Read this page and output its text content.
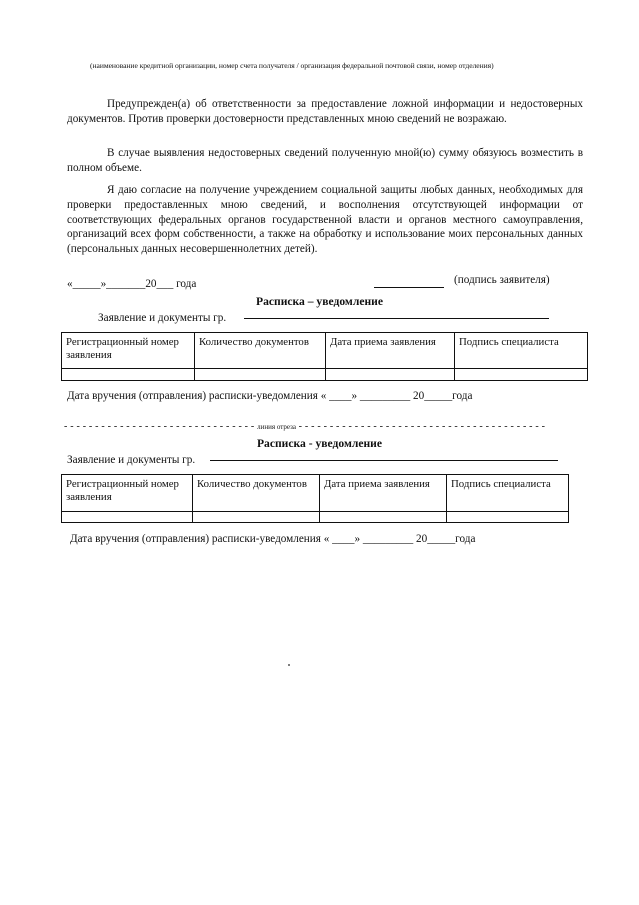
(наименование кредитной организации, номер счета получателя / организация федеральной почтовой связи, номер отделения)

Предупрежден(а) об ответственности за предоставление ложной информации и недостоверных документов. Против проверки достоверности представленных мною сведений не возражаю.

В случае выявления недостоверных сведений полученную мной(ю) сумму обязуюсь возместить в полном объеме.

Я даю согласие на получение учреждением социальной защиты любых данных, необходимых для проверки предоставленных мною сведений, и восполнения отсутствующей информации от соответствующих федеральных органов государственной власти и органов местного самоуправления, организаций всех форм собственности, а также на обработку и использование моих персональных данных (персональных данных несовершеннолетних детей).

«_____»_______20___ года	(подпись заявителя)
Расписка – уведомление
Заявление и документы гр.
Регистрационный номер заявления	Количество документов	Дата приема заявления	Подпись специалиста

Дата вручения (отправления) расписки-уведомления « ____» _________ 20_____года
- - - - - - - - - - - - - - - - - - - - - - - - - - - - - - - линия отреза - - - - - - - - - - - - - - - - - - - - - - - - - - - - - - - - - - - - - - - -
Расписка - уведомление
Заявление и документы гр.
Регистрационный номер заявления	Количество документов	Дата приема заявления	Подпись специалиста

Дата вручения (отправления) расписки-уведомления « ____» _________ 20_____года
